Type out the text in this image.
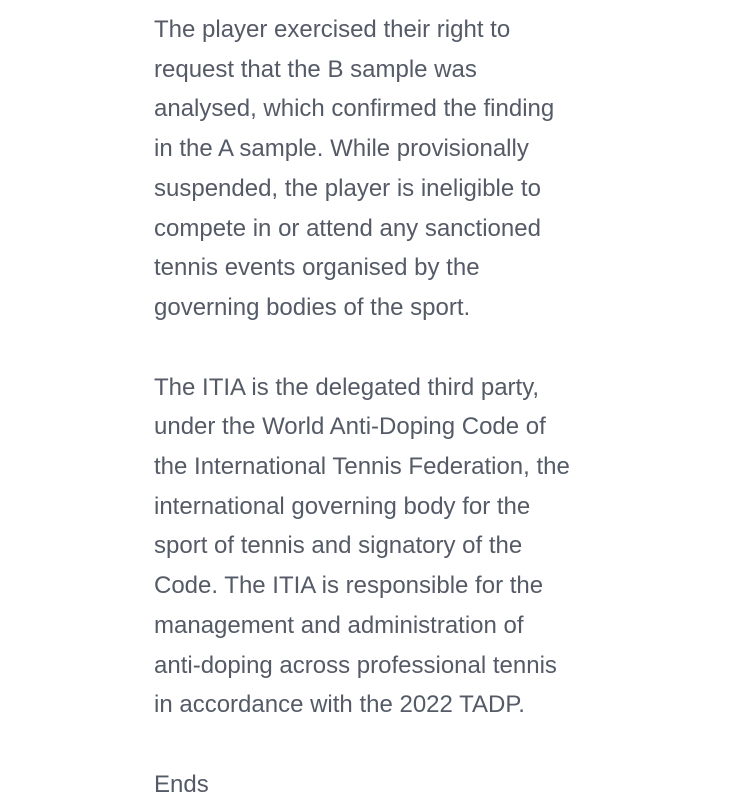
The player exercised their right to
request that the B sample was
analysed, which confirmed the finding
in the A sample. While provisionally
suspended, the player is ineligible to
compete in or attend any sanctioned
tennis events organised by the
governing bodies of the sport.

The ITIA is the delegated third party,
under the World Anti-Doping Code of
the International Tennis Federation, the
international governing body for the
sport of tennis and signatory of the
Code. The ITIA is responsible for the
management and administration of
anti-doping across professional tennis
in accordance with the 2022 TADP.

Ends
